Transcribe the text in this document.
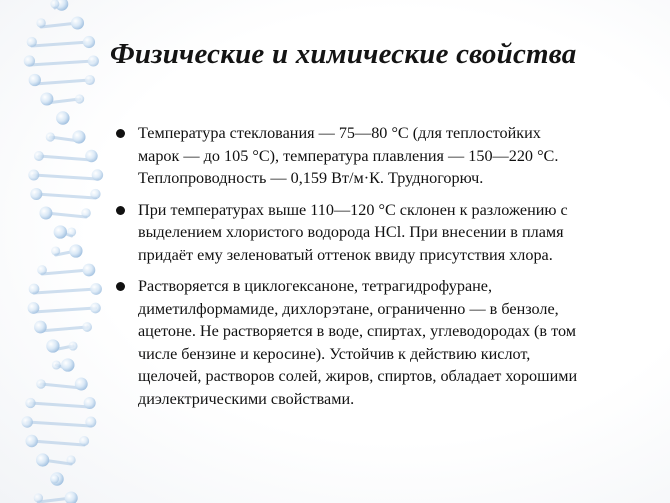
Физические и химические свойства
Температура стеклования — 75—80 °C (для теплостойких
марок — до 105 °C), температура плавления — 150—220 °C.
Теплопроводность — 0,159 Вт/м·К. Трудногорюч.
При температурах выше 110—120 °C склонен к разложению с
выделением хлористого водорода HCl. При внесении в пламя
придаёт ему зеленоватый оттенок ввиду присутствия хлора.
Растворяется в циклогексаноне, тетрагидрофуране,
диметилформамиде, дихлорэтане, ограниченно — в бензоле,
ацетоне. Не растворяется в воде, спиртах, углеводородах (в том
числе бензине и керосине). Устойчив к действию кислот,
щелочей, растворов солей, жиров, спиртов, обладает хорошими
диэлектрическими свойствами.
